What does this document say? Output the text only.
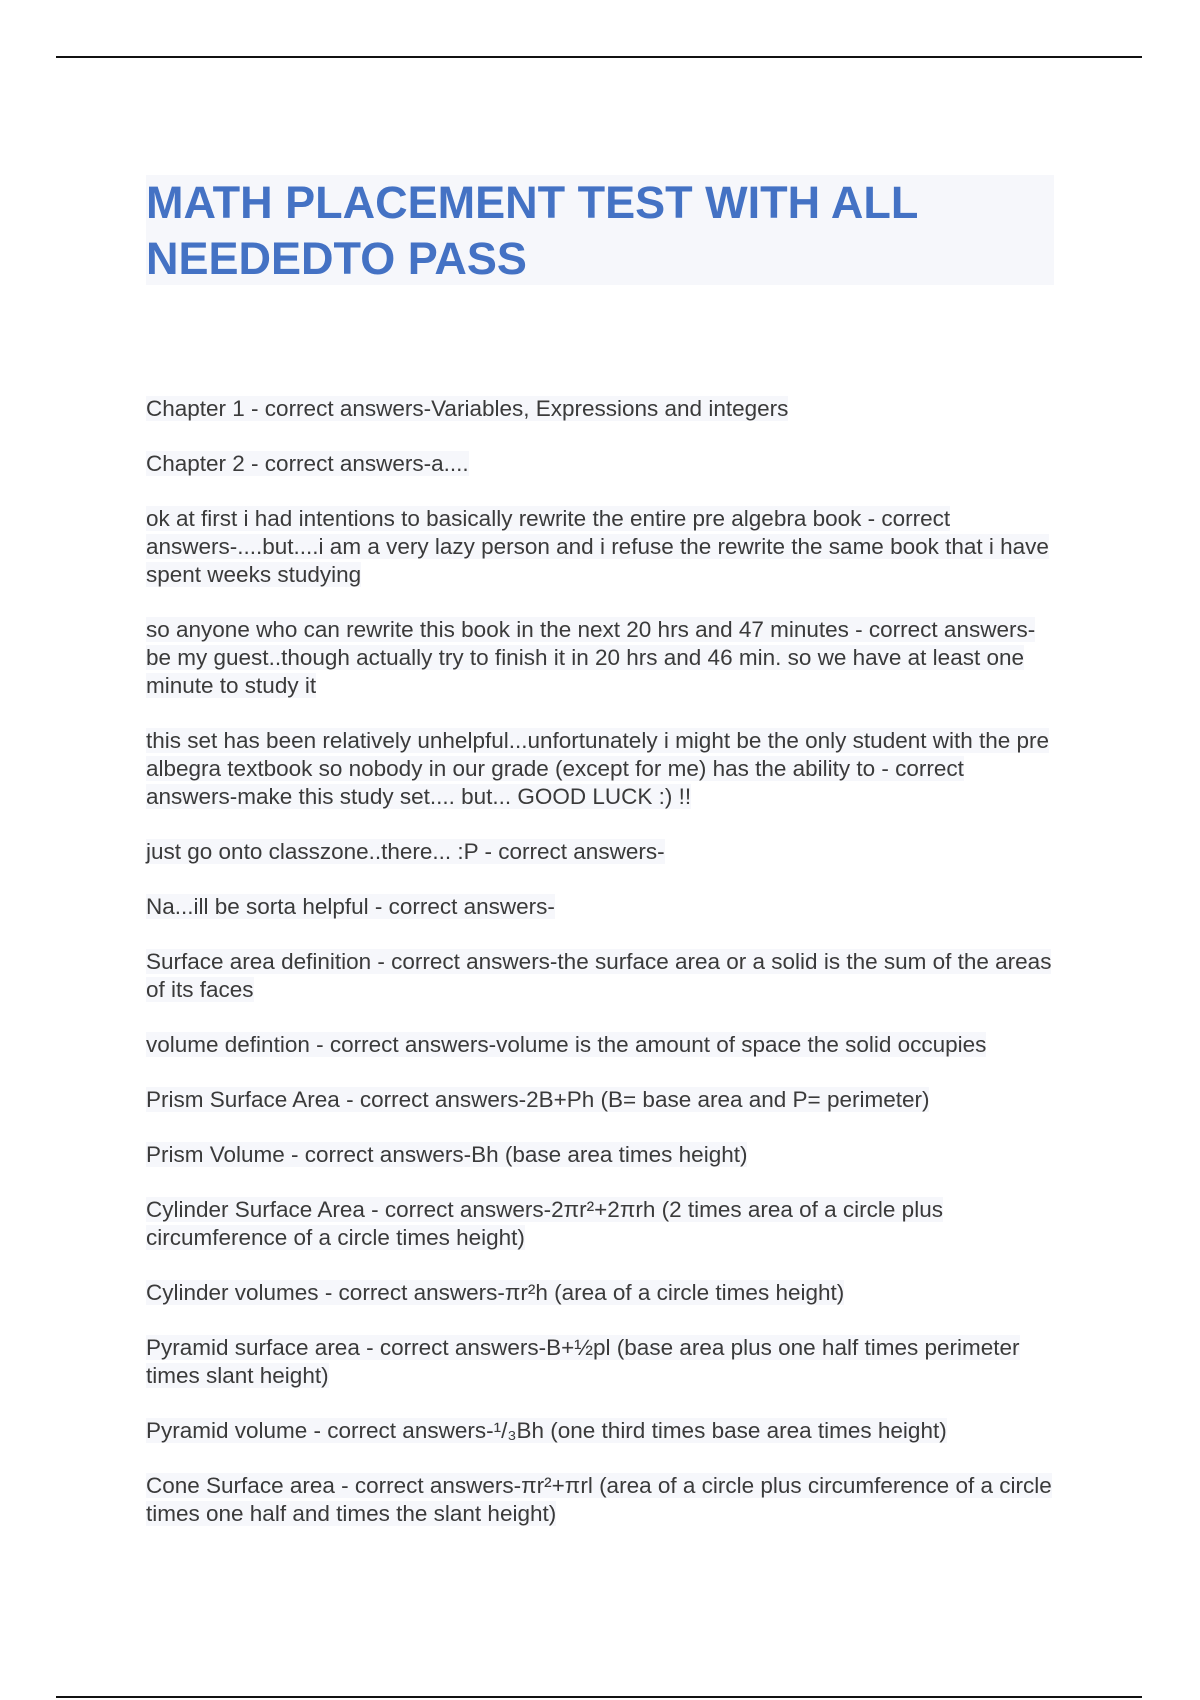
MATH PLACEMENT TEST WITH ALL NEEDEDTO PASS

Chapter 1 - correct answers-Variables, Expressions and integers

Chapter 2 - correct answers-a....

ok at first i had intentions to basically rewrite the entire pre algebra book - correct answers-....but....i am a very lazy person and i refuse the rewrite the same book that i have spent weeks studying

so anyone who can rewrite this book in the next 20 hrs and 47 minutes - correct answers-be my guest..though actually try to finish it in 20 hrs and 46 min. so we have at least one minute to study it

this set has been relatively unhelpful...unfortunately i might be the only student with the pre albegra textbook so nobody in our grade (except for me) has the ability to - correct answers-make this study set.... but... GOOD LUCK :) !!

just go onto classzone..there... :P - correct answers-

Na...ill be sorta helpful - correct answers-

Surface area definition - correct answers-the surface area or a solid is the sum of the areas of its faces

volume defintion - correct answers-volume is the amount of space the solid occupies

Prism Surface Area - correct answers-2B+Ph (B= base area and P= perimeter)

Prism Volume - correct answers-Bh (base area times height)

Cylinder Surface Area - correct answers-2πr²+2πrh (2 times area of a circle plus circumference of a circle times height)

Cylinder volumes - correct answers-πr²h (area of a circle times height)

Pyramid surface area - correct answers-B+½pl (base area plus one half times perimeter times slant height)

Pyramid volume - correct answers-¹/₃Bh (one third times base area times height)

Cone Surface area - correct answers-πr²+πrl (area of a circle plus circumference of a circle times one half and times the slant height)
